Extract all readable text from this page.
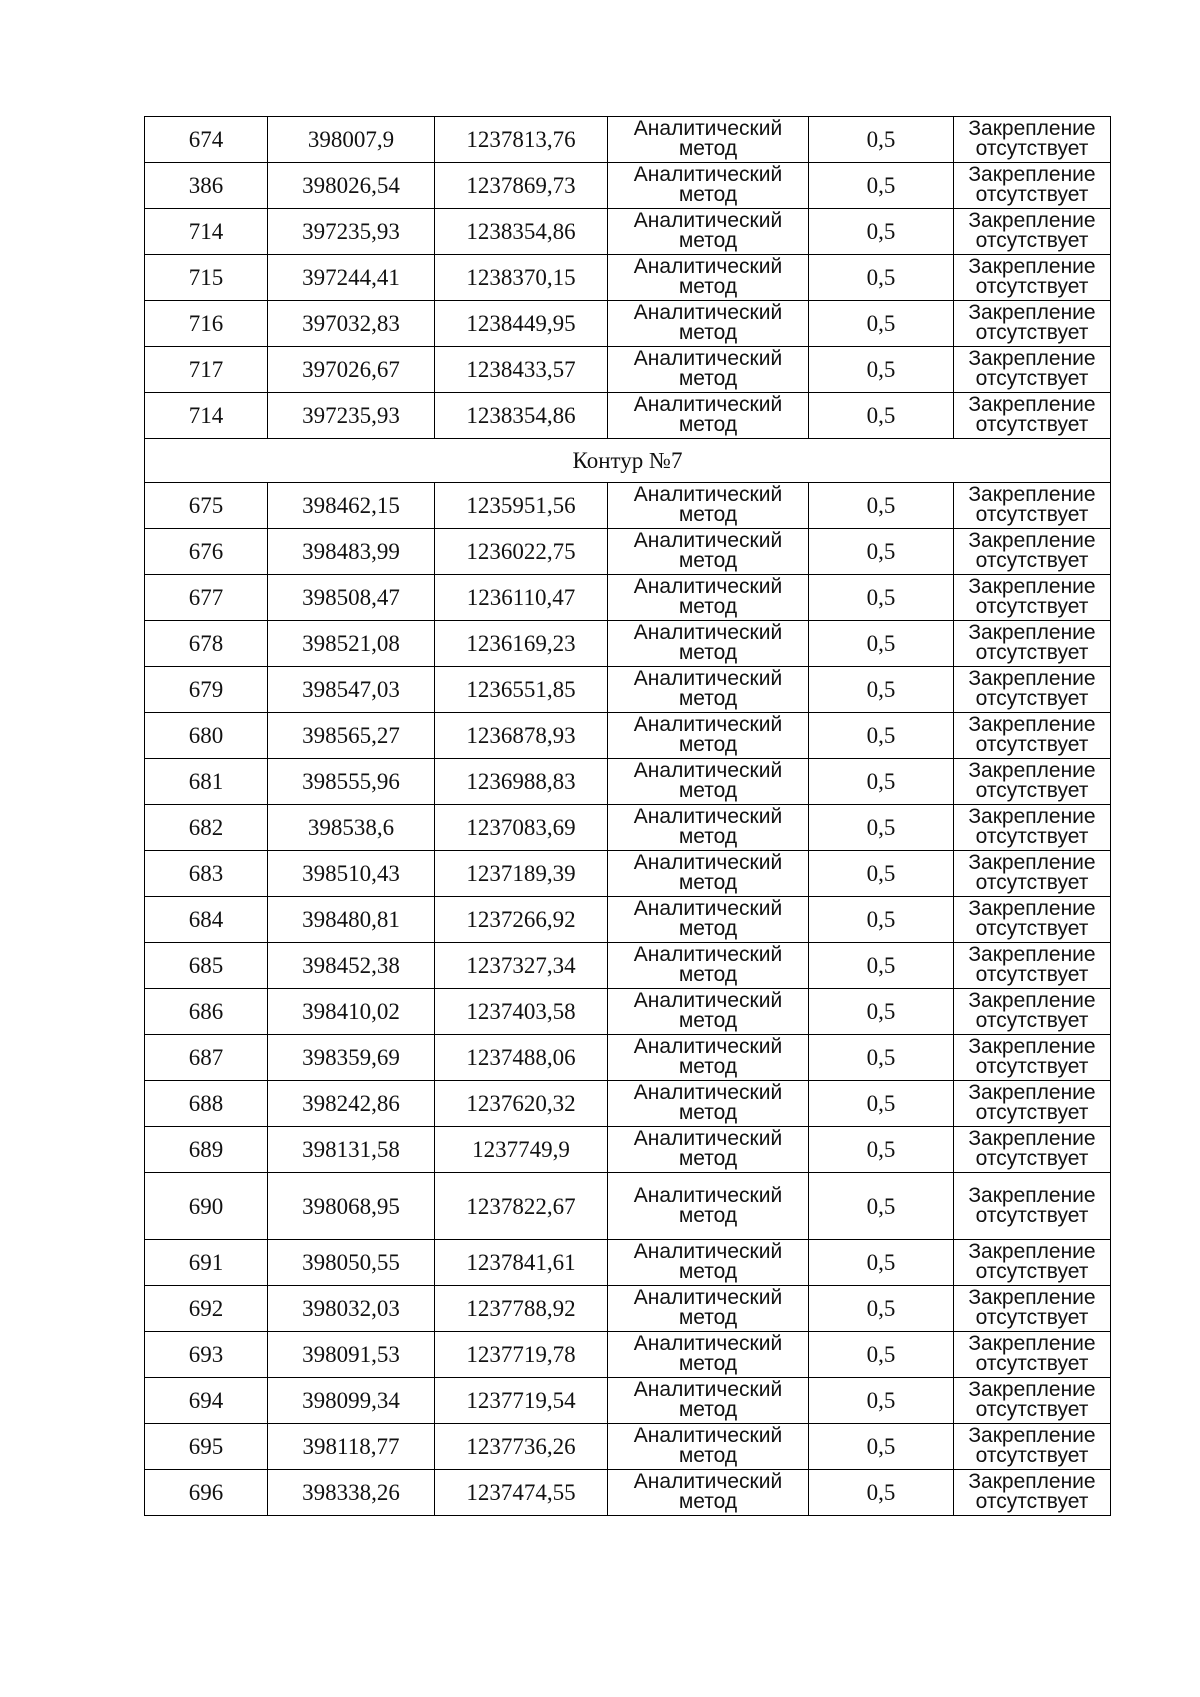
674	398007,9	1237813,76	Аналитический метод	0,5	Закрепление отсутствует
386	398026,54	1237869,73	Аналитический метод	0,5	Закрепление отсутствует
714	397235,93	1238354,86	Аналитический метод	0,5	Закрепление отсутствует
715	397244,41	1238370,15	Аналитический метод	0,5	Закрепление отсутствует
716	397032,83	1238449,95	Аналитический метод	0,5	Закрепление отсутствует
717	397026,67	1238433,57	Аналитический метод	0,5	Закрепление отсутствует
714	397235,93	1238354,86	Аналитический метод	0,5	Закрепление отсутствует
Контур №7					
675	398462,15	1235951,56	Аналитический метод	0,5	Закрепление отсутствует
676	398483,99	1236022,75	Аналитический метод	0,5	Закрепление отсутствует
677	398508,47	1236110,47	Аналитический метод	0,5	Закрепление отсутствует
678	398521,08	1236169,23	Аналитический метод	0,5	Закрепление отсутствует
679	398547,03	1236551,85	Аналитический метод	0,5	Закрепление отсутствует
680	398565,27	1236878,93	Аналитический метод	0,5	Закрепление отсутствует
681	398555,96	1236988,83	Аналитический метод	0,5	Закрепление отсутствует
682	398538,6	1237083,69	Аналитический метод	0,5	Закрепление отсутствует
683	398510,43	1237189,39	Аналитический метод	0,5	Закрепление отсутствует
684	398480,81	1237266,92	Аналитический метод	0,5	Закрепление отсутствует
685	398452,38	1237327,34	Аналитический метод	0,5	Закрепление отсутствует
686	398410,02	1237403,58	Аналитический метод	0,5	Закрепление отсутствует
687	398359,69	1237488,06	Аналитический метод	0,5	Закрепление отсутствует
688	398242,86	1237620,32	Аналитический метод	0,5	Закрепление отсутствует
689	398131,58	1237749,9	Аналитический метод	0,5	Закрепление отсутствует
690	398068,95	1237822,67	Аналитический метод	0,5	Закрепление отсутствует
691	398050,55	1237841,61	Аналитический метод	0,5	Закрепление отсутствует
692	398032,03	1237788,92	Аналитический метод	0,5	Закрепление отсутствует
693	398091,53	1237719,78	Аналитический метод	0,5	Закрепление отсутствует
694	398099,34	1237719,54	Аналитический метод	0,5	Закрепление отсутствует
695	398118,77	1237736,26	Аналитический метод	0,5	Закрепление отсутствует
696	398338,26	1237474,55	Аналитический метод	0,5	Закрепление отсутствует
